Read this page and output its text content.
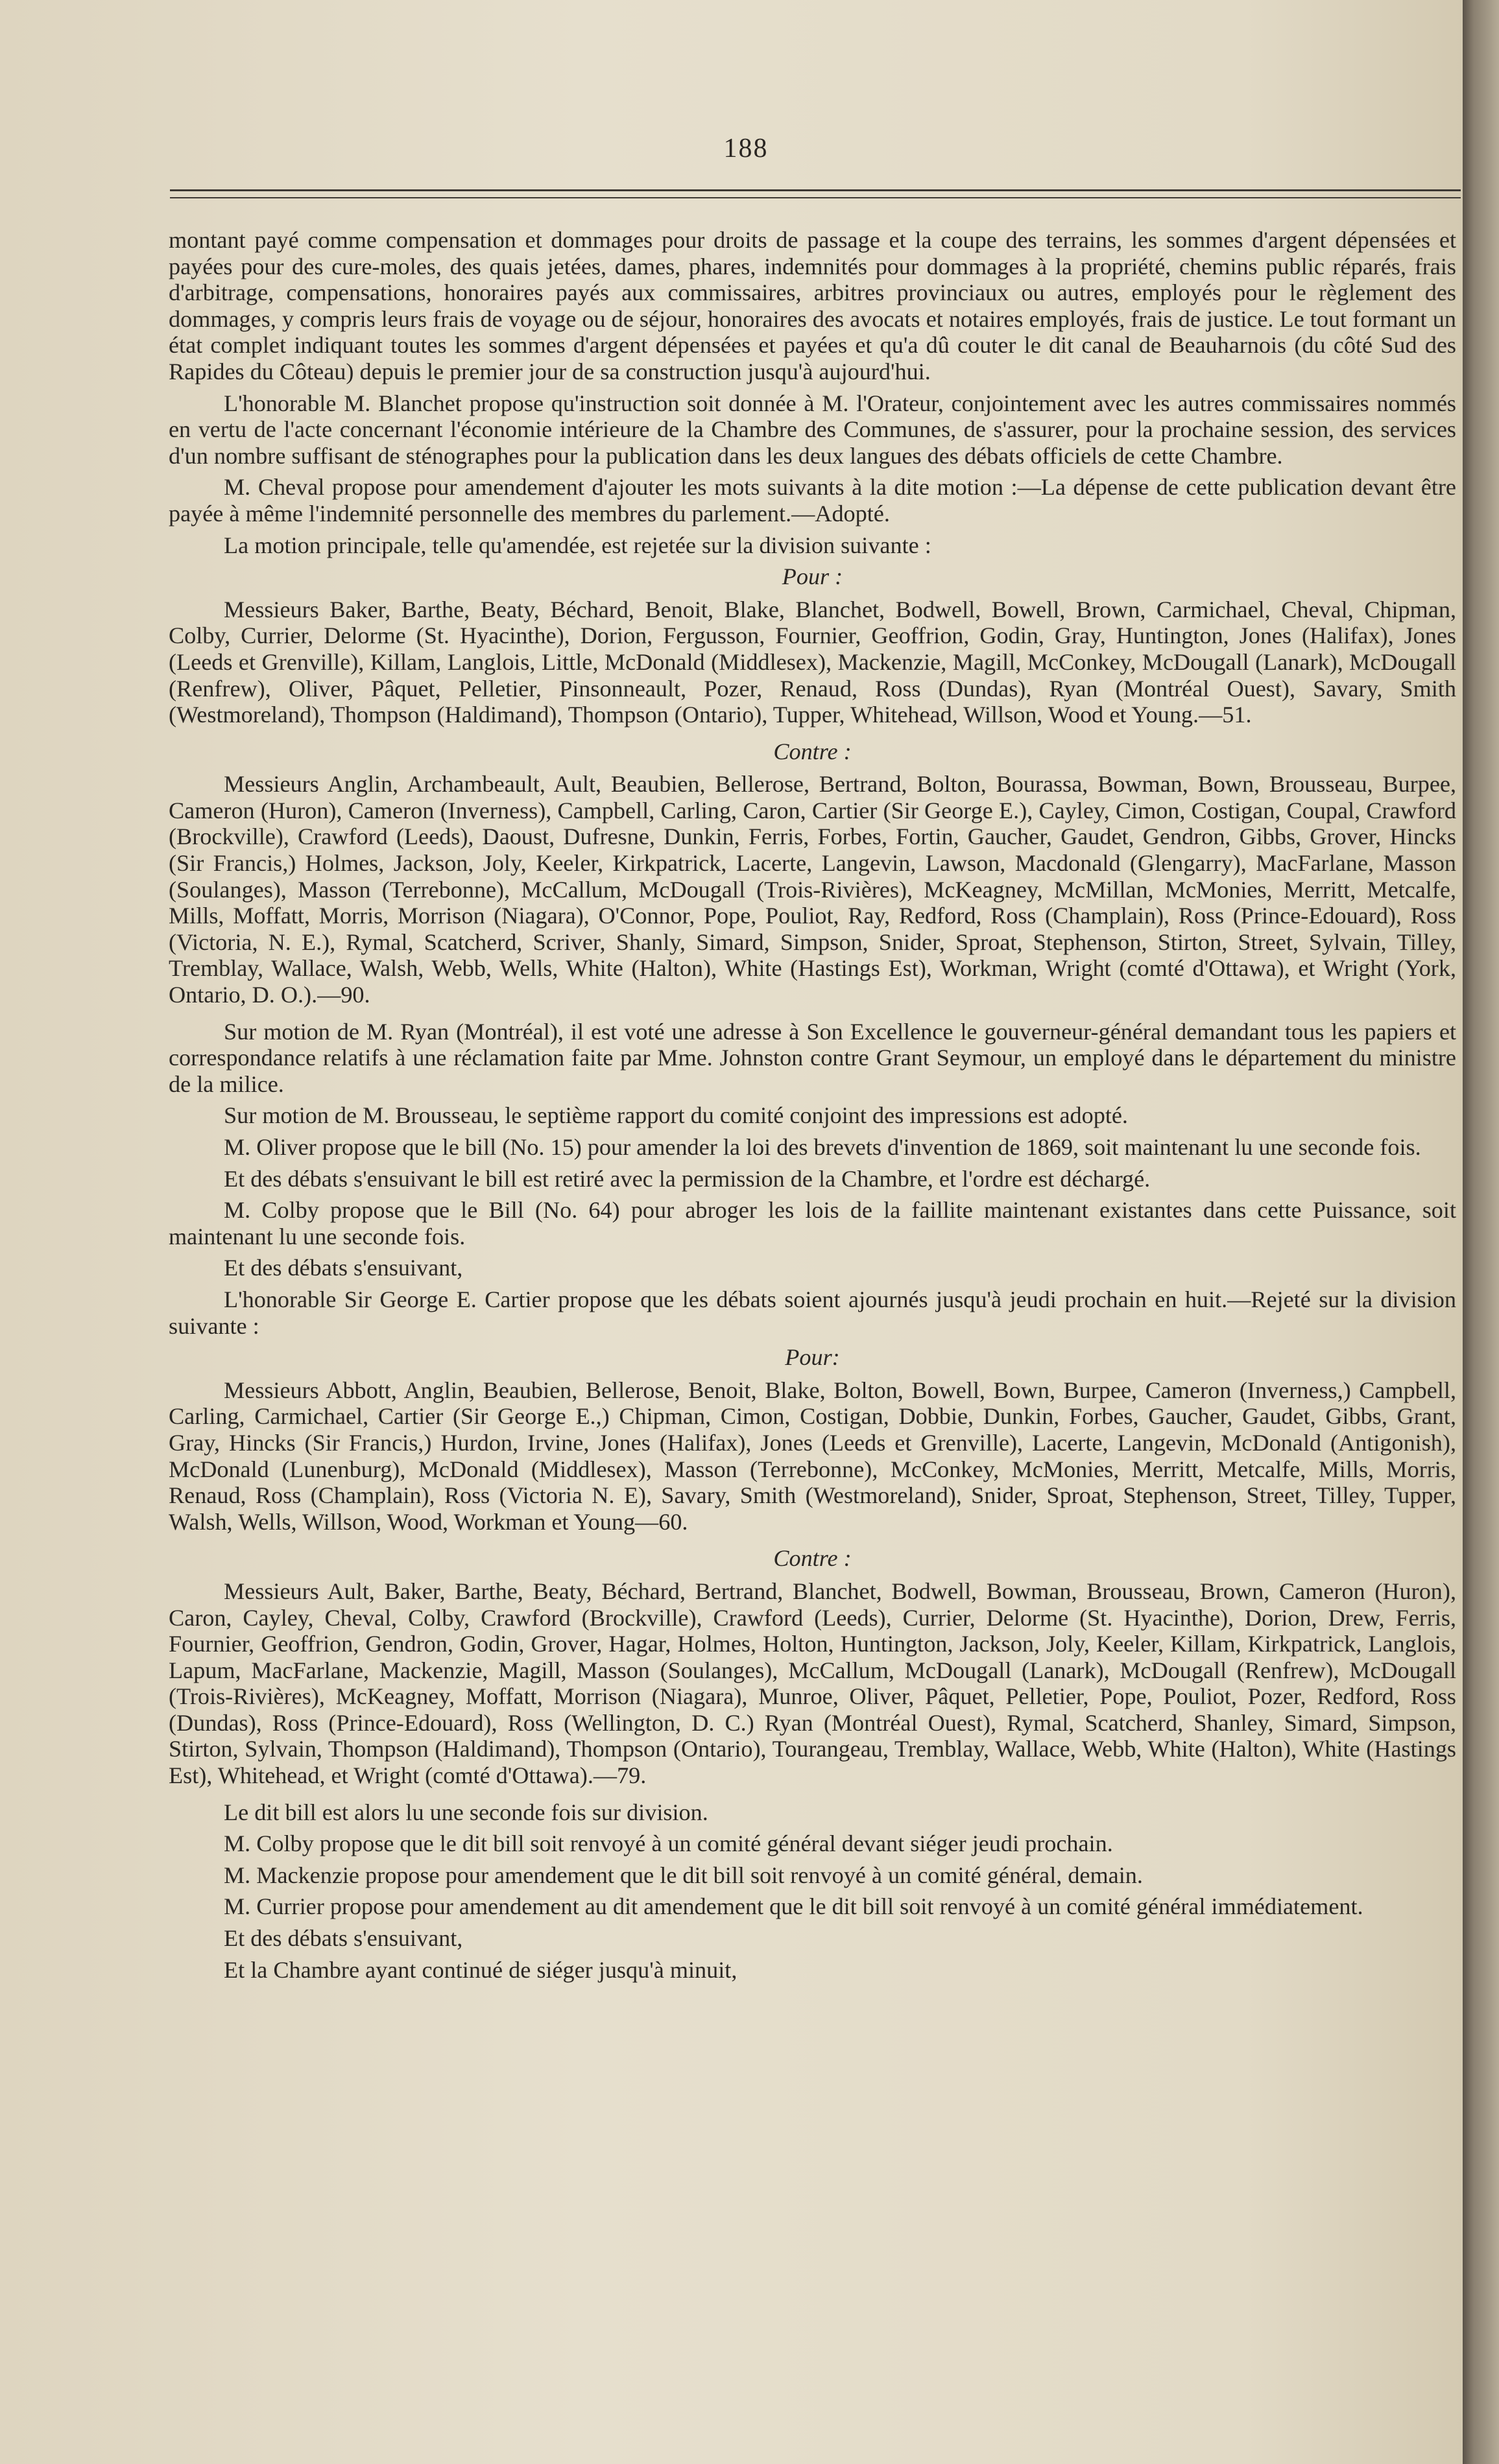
188

montant payé comme compensation et dommages pour droits de passage et la coupe des terrains, les sommes d'argent dépensées et payées pour des cure-moles, des quais jetées, dames, phares, indemnités pour dommages à la propriété, chemins public réparés, frais d'arbitrage, compensations, honoraires payés aux commissaires, arbitres provinciaux ou autres, employés pour le règlement des dommages, y compris leurs frais de voyage ou de séjour, honoraires des avocats et notaires employés, frais de justice. Le tout formant un état complet indiquant toutes les sommes d'argent dépensées et payées et qu'a dû couter le dit canal de Beauharnois (du côté Sud des Rapides du Côteau) depuis le premier jour de sa construction jusqu'à aujourd'hui.

L'honorable M. Blanchet propose qu'instruction soit donnée à M. l'Orateur, conjointement avec les autres commissaires nommés en vertu de l'acte concernant l'économie intérieure de la Chambre des Communes, de s'assurer, pour la prochaine session, des services d'un nombre suffisant de sténographes pour la publication dans les deux langues des débats officiels de cette Chambre.

M. Cheval propose pour amendement d'ajouter les mots suivants à la dite motion :—La dépense de cette publication devant être payée à même l'indemnité personnelle des membres du parlement.—Adopté.

La motion principale, telle qu'amendée, est rejetée sur la division suivante :

Pour :

Messieurs Baker, Barthe, Beaty, Béchard, Benoit, Blake, Blanchet, Bodwell, Bowell, Brown, Carmichael, Cheval, Chipman, Colby, Currier, Delorme (St. Hyacinthe), Dorion, Fergusson, Fournier, Geoffrion, Godin, Gray, Huntington, Jones (Halifax), Jones (Leeds et Grenville), Killam, Langlois, Little, McDonald (Middlesex), Mackenzie, Magill, McConkey, McDougall (Lanark), McDougall (Renfrew), Oliver, Pâquet, Pelletier, Pinsonneault, Pozer, Renaud, Ross (Dundas), Ryan (Montréal Ouest), Savary, Smith (Westmoreland), Thompson (Haldimand), Thompson (Ontario), Tupper, Whitehead, Willson, Wood et Young.—51.

Contre :

Messieurs Anglin, Archambeault, Ault, Beaubien, Bellerose, Bertrand, Bolton, Bourassa, Bowman, Bown, Brousseau, Burpee, Cameron (Huron), Cameron (Inverness), Campbell, Carling, Caron, Cartier (Sir George E.), Cayley, Cimon, Costigan, Coupal, Crawford (Brockville), Crawford (Leeds), Daoust, Dufresne, Dunkin, Ferris, Forbes, Fortin, Gaucher, Gaudet, Gendron, Gibbs, Grover, Hincks (Sir Francis,) Holmes, Jackson, Joly, Keeler, Kirkpatrick, Lacerte, Langevin, Lawson, Macdonald (Glengarry), MacFarlane, Masson (Soulanges), Masson (Terrebonne), McCallum, McDougall (Trois-Rivières), McKeagney, McMillan, McMonies, Merritt, Metcalfe, Mills, Moffatt, Morris, Morrison (Niagara), O'Connor, Pope, Pouliot, Ray, Redford, Ross (Champlain), Ross (Prince-Edouard), Ross (Victoria, N. E.), Rymal, Scatcherd, Scriver, Shanly, Simard, Simpson, Snider, Sproat, Stephenson, Stirton, Street, Sylvain, Tilley, Tremblay, Wallace, Walsh, Webb, Wells, White (Halton), White (Hastings Est), Workman, Wright (comté d'Ottawa), et Wright (York, Ontario, D. O.).—90.

Sur motion de M. Ryan (Montréal), il est voté une adresse à Son Excellence le gouverneur-général demandant tous les papiers et correspondance relatifs à une réclamation faite par Mme. Johnston contre Grant Seymour, un employé dans le département du ministre de la milice.

Sur motion de M. Brousseau, le septième rapport du comité conjoint des impressions est adopté.

M. Oliver propose que le bill (No. 15) pour amender la loi des brevets d'invention de 1869, soit maintenant lu une seconde fois.

Et des débats s'ensuivant le bill est retiré avec la permission de la Chambre, et l'ordre est déchargé.

M. Colby propose que le Bill (No. 64) pour abroger les lois de la faillite maintenant existantes dans cette Puissance, soit maintenant lu une seconde fois.

Et des débats s'ensuivant,

L'honorable Sir George E. Cartier propose que les débats soient ajournés jusqu'à jeudi prochain en huit.—Rejeté sur la division suivante :

Pour:

Messieurs Abbott, Anglin, Beaubien, Bellerose, Benoit, Blake, Bolton, Bowell, Bown, Burpee, Cameron (Inverness,) Campbell, Carling, Carmichael, Cartier (Sir George E.,) Chipman, Cimon, Costigan, Dobbie, Dunkin, Forbes, Gaucher, Gaudet, Gibbs, Grant, Gray, Hincks (Sir Francis,) Hurdon, Irvine, Jones (Halifax), Jones (Leeds et Grenville), Lacerte, Langevin, McDonald (Antigonish), McDonald (Lunenburg), McDonald (Middlesex), Masson (Terrebonne), McConkey, McMonies, Merritt, Metcalfe, Mills, Morris, Renaud, Ross (Champlain), Ross (Victoria N. E), Savary, Smith (Westmoreland), Snider, Sproat, Stephenson, Street, Tilley, Tupper, Walsh, Wells, Willson, Wood, Workman et Young—60.

Contre :

Messieurs Ault, Baker, Barthe, Beaty, Béchard, Bertrand, Blanchet, Bodwell, Bowman, Brousseau, Brown, Cameron (Huron), Caron, Cayley, Cheval, Colby, Crawford (Brockville), Crawford (Leeds), Currier, Delorme (St. Hyacinthe), Dorion, Drew, Ferris, Fournier, Geoffrion, Gendron, Godin, Grover, Hagar, Holmes, Holton, Huntington, Jackson, Joly, Keeler, Killam, Kirkpatrick, Langlois, Lapum, MacFarlane, Mackenzie, Magill, Masson (Soulanges), McCallum, McDougall (Lanark), McDougall (Renfrew), McDougall (Trois-Rivières), McKeagney, Moffatt, Morrison (Niagara), Munroe, Oliver, Pâquet, Pelletier, Pope, Pouliot, Pozer, Redford, Ross (Dundas), Ross (Prince-Edouard), Ross (Wellington, D. C.) Ryan (Montréal Ouest), Rymal, Scatcherd, Shanley, Simard, Simpson, Stirton, Sylvain, Thompson (Haldimand), Thompson (Ontario), Tourangeau, Tremblay, Wallace, Webb, White (Halton), White (Hastings Est), Whitehead, et Wright (comté d'Ottawa).—79.

Le dit bill est alors lu une seconde fois sur division.

M. Colby propose que le dit bill soit renvoyé à un comité général devant siéger jeudi prochain.

M. Mackenzie propose pour amendement que le dit bill soit renvoyé à un comité général, demain.

M. Currier propose pour amendement au dit amendement que le dit bill soit renvoyé à un comité général immédiatement.

Et des débats s'ensuivant,

Et la Chambre ayant continué de siéger jusqu'à minuit,
